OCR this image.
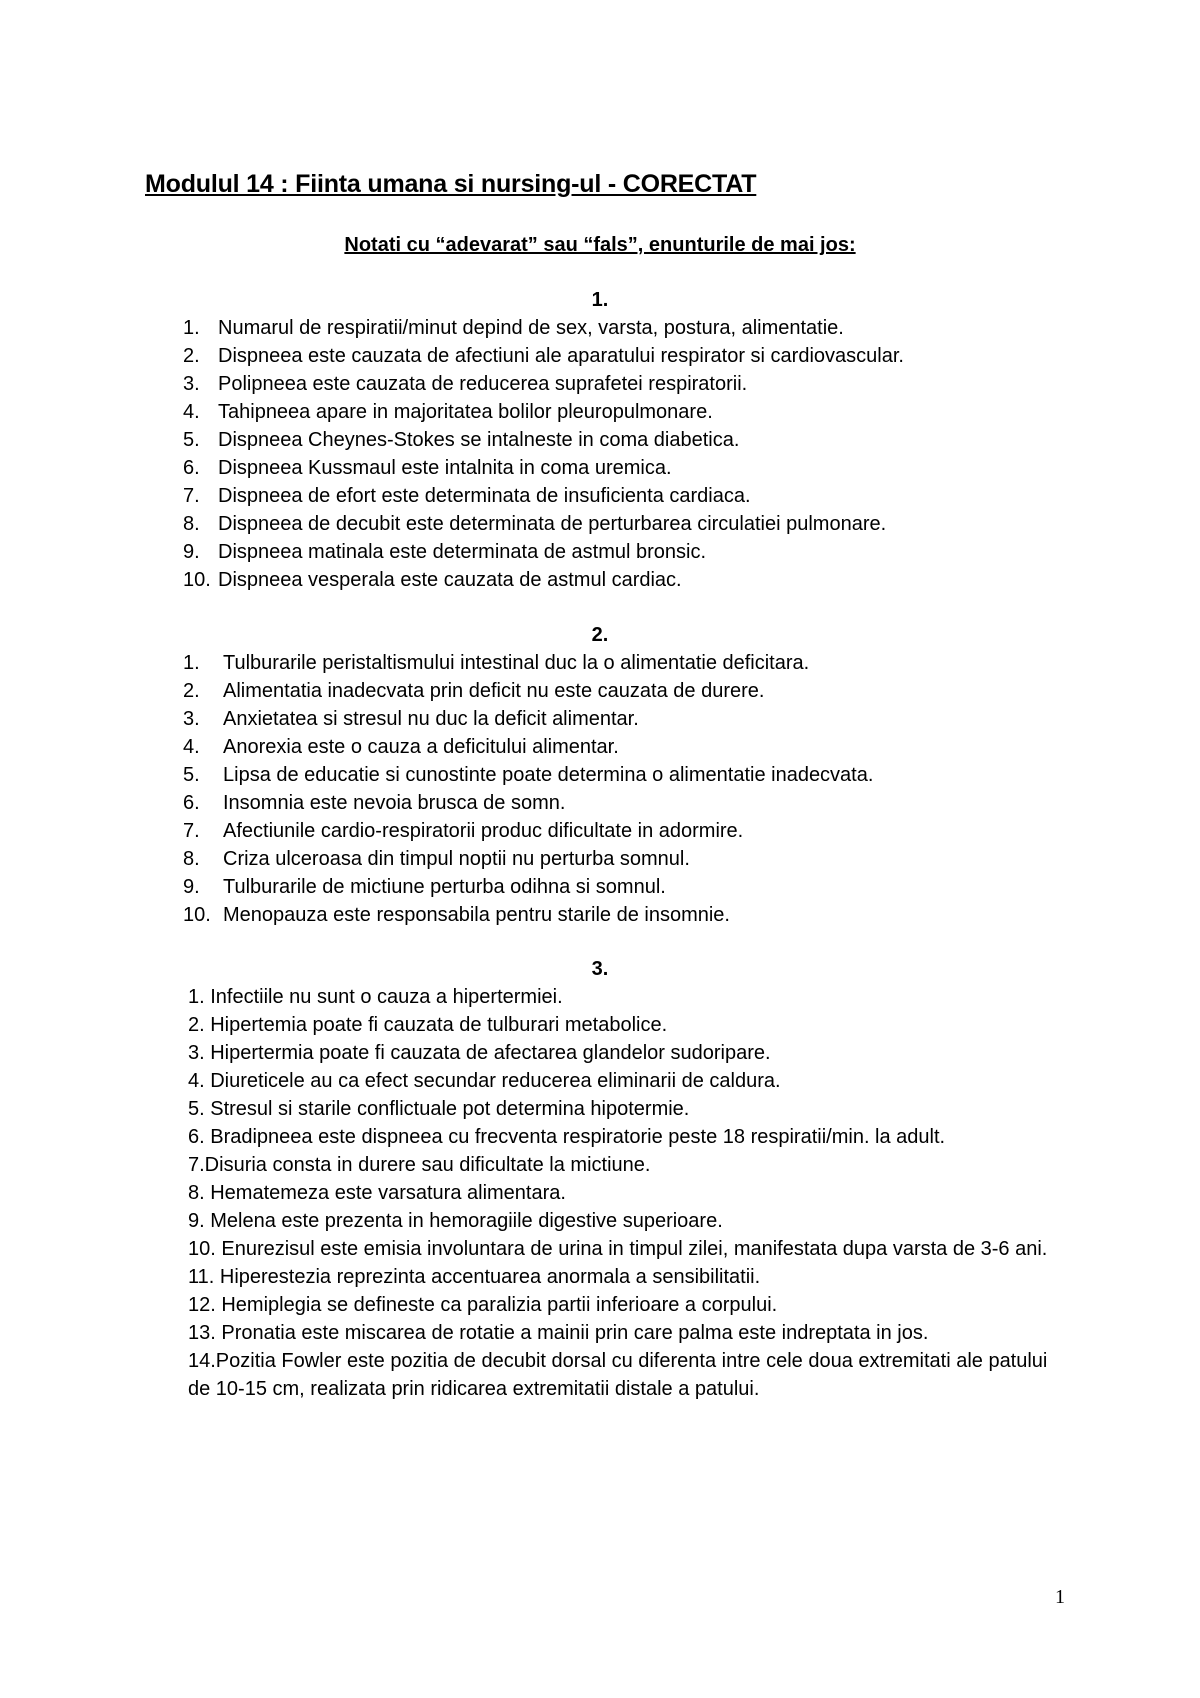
Modulul 14 : Fiinta umana si nursing-ul - CORECTAT
Notati cu “adevarat” sau “fals”, enunturile de mai jos:
1.
1. Numarul de respiratii/minut depind de sex, varsta, postura, alimentatie.
2. Dispneea este cauzata de afectiuni ale aparatului respirator si cardiovascular.
3. Polipneea este cauzata de reducerea suprafetei respiratorii.
4. Tahipneea apare in majoritatea bolilor pleuropulmonare.
5. Dispneea Cheynes-Stokes se intalneste in coma diabetica.
6. Dispneea Kussmaul este intalnita in coma uremica.
7. Dispneea de efort este determinata de insuficienta cardiaca.
8. Dispneea de decubit este determinata de perturbarea circulatiei pulmonare.
9. Dispneea matinala este determinata de astmul bronsic.
10. Dispneea vesperala este cauzata de astmul cardiac.
2.
1. Tulburarile peristaltismului intestinal duc la o alimentatie deficitara.
2. Alimentatia inadecvata prin deficit nu este cauzata de durere.
3. Anxietatea si stresul nu duc la deficit alimentar.
4. Anorexia este o cauza a deficitului alimentar.
5. Lipsa de educatie si cunostinte poate determina o alimentatie inadecvata.
6. Insomnia este nevoia brusca de somn.
7. Afectiunile cardio-respiratorii produc dificultate in adormire.
8. Criza ulceroasa din timpul noptii nu perturba somnul.
9. Tulburarile de mictiune perturba odihna si somnul.
10. Menopauza este responsabila pentru starile de insomnie.
3.
1. Infectiile nu sunt o cauza a hipertermiei.
2. Hipertemia poate fi cauzata de tulburari metabolice.
3. Hipertermia poate fi cauzata de afectarea glandelor sudoripare.
4. Diureticele au ca efect secundar reducerea eliminarii de caldura.
5. Stresul si starile conflictuale pot determina hipotermie.
6. Bradipneea este dispneea cu frecventa respiratorie peste 18 respiratii/min. la adult.
7.Disuria consta in durere sau dificultate la mictiune.
8. Hematemeza este varsatura alimentara.
9. Melena este prezenta in hemoragiile digestive superioare.
10. Enurezisul este emisia involuntara de urina in timpul zilei, manifestata dupa varsta de 3-6 ani.
11. Hiperestezia reprezinta accentuarea anormala a sensibilitatii.
12. Hemiplegia se defineste ca paralizia partii inferioare a corpului.
13. Pronatia este miscarea de rotatie a mainii prin care palma este indreptata in jos.
14.Pozitia Fowler este pozitia de decubit dorsal cu diferenta intre cele doua extremitati ale patului de 10-15 cm, realizata prin ridicarea extremitatii distale a patului.
1
